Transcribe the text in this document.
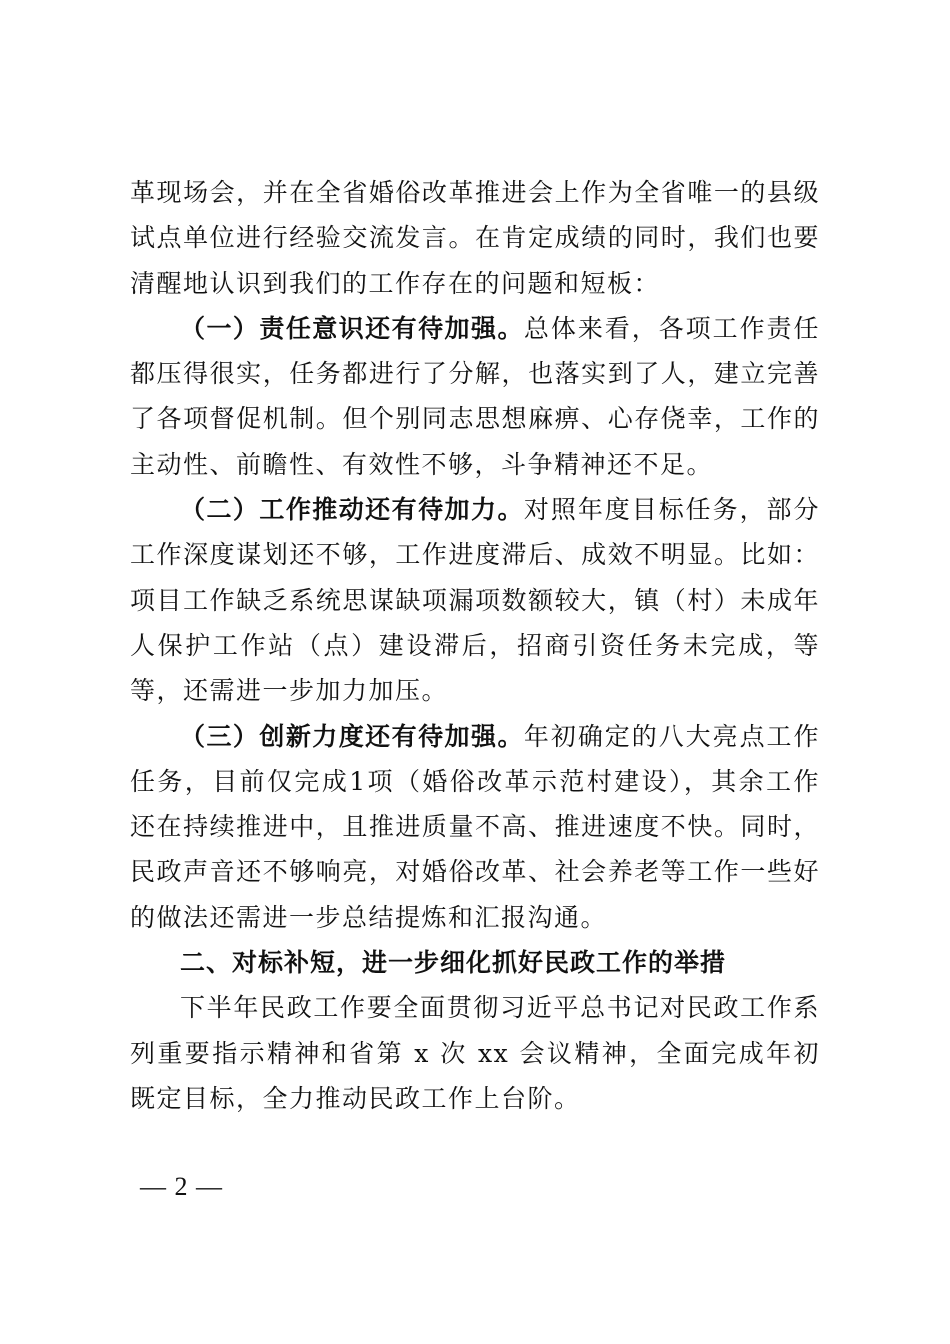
革现场会，并在全省婚俗改革推进会上作为全省唯一的县级试点单位进行经验交流发言。在肯定成绩的同时，我们也要清醒地认识到我们的工作存在的问题和短板：

（一）责任意识还有待加强。总体来看，各项工作责任都压得很实，任务都进行了分解，也落实到了人，建立完善了各项督促机制。但个别同志思想麻痹、心存侥幸，工作的主动性、前瞻性、有效性不够，斗争精神还不足。

（二）工作推动还有待加力。对照年度目标任务，部分工作深度谋划还不够，工作进度滞后、成效不明显。比如：项目工作缺乏系统思谋缺项漏项数额较大，镇（村）未成年人保护工作站（点）建设滞后，招商引资任务未完成，等等，还需进一步加力加压。

（三）创新力度还有待加强。年初确定的八大亮点工作任务，目前仅完成1项（婚俗改革示范村建设），其余工作还在持续推进中，且推进质量不高、推进速度不快。同时，民政声音还不够响亮，对婚俗改革、社会养老等工作一些好的做法还需进一步总结提炼和汇报沟通。

二、对标补短，进一步细化抓好民政工作的举措

下半年民政工作要全面贯彻习近平总书记对民政工作系列重要指示精神和省第 x 次 xx 会议精神，全面完成年初既定目标，全力推动民政工作上台阶。

— 2 —
